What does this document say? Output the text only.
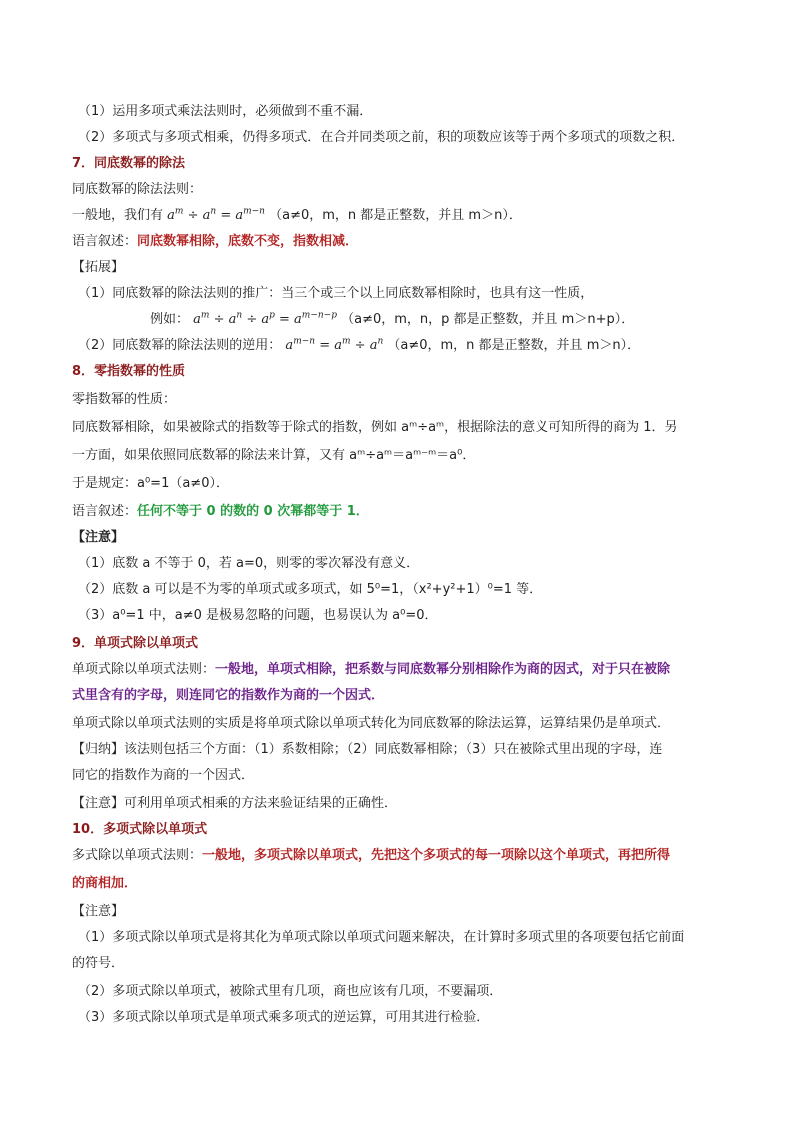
（1）运用多项式乘法法则时，必须做到不重不漏．
（2）多项式与多项式相乘，仍得多项式．在合并同类项之前，积的项数应该等于两个多项式的项数之积．
7．同底数幂的除法
同底数幂的除法法则：
一般地，我们有 $a^m \div a^n = a^{m-n}$ （a≠0，m，n 都是正整数，并且 m＞n）．
语言叙述：同底数幂相除，底数不变，指数相减．
【拓展】
（1）同底数幂的除法法则的推广：当三个或三个以上同底数幂相除时，也具有这一性质，
例如： $a^m \div a^n \div a^p = a^{m-n-p}$ （a≠0，m，n，p 都是正整数，并且 m＞n+p）．
（2）同底数幂的除法法则的逆用： $a^{m-n} = a^m \div a^n$ （a≠0，m，n 都是正整数，并且 m＞n）．
8．零指数幂的性质
零指数幂的性质：
同底数幂相除，如果被除式的指数等于除式的指数，例如 aᵐ÷aᵐ，根据除法的意义可知所得的商为 1．另
一方面，如果依照同底数幂的除法来计算，又有 aᵐ÷aᵐ＝aᵐ⁻ᵐ＝a⁰．
于是规定：a⁰=1（a≠0）．
语言叙述：任何不等于 0 的数的 0 次幂都等于 1．
【注意】
（1）底数 a 不等于 0，若 a=0，则零的零次幂没有意义．
（2）底数 a 可以是不为零的单项式或多项式，如 5⁰=1，（x²+y²+1）⁰=1 等．
（3）a⁰=1 中，a≠0 是极易忽略的问题，也易误认为 a⁰=0．
9．单项式除以单项式
单项式除以单项式法则：一般地，单项式相除，把系数与同底数幂分别相除作为商的因式，对于只在被除
式里含有的字母，则连同它的指数作为商的一个因式．
单项式除以单项式法则的实质是将单项式除以单项式转化为同底数幂的除法运算，运算结果仍是单项式．
【归纳】该法则包括三个方面：（1）系数相除；（2）同底数幂相除；（3）只在被除式里出现的字母，连
同它的指数作为商的一个因式．
【注意】可利用单项式相乘的方法来验证结果的正确性．
10．多项式除以单项式
多式除以单项式法则：一般地，多项式除以单项式，先把这个多项式的每一项除以这个单项式，再把所得
的商相加．
【注意】
（1）多项式除以单项式是将其化为单项式除以单项式问题来解决，在计算时多项式里的各项要包括它前面
的符号．
（2）多项式除以单项式，被除式里有几项，商也应该有几项，不要漏项．
（3）多项式除以单项式是单项式乘多项式的逆运算，可用其进行检验．
